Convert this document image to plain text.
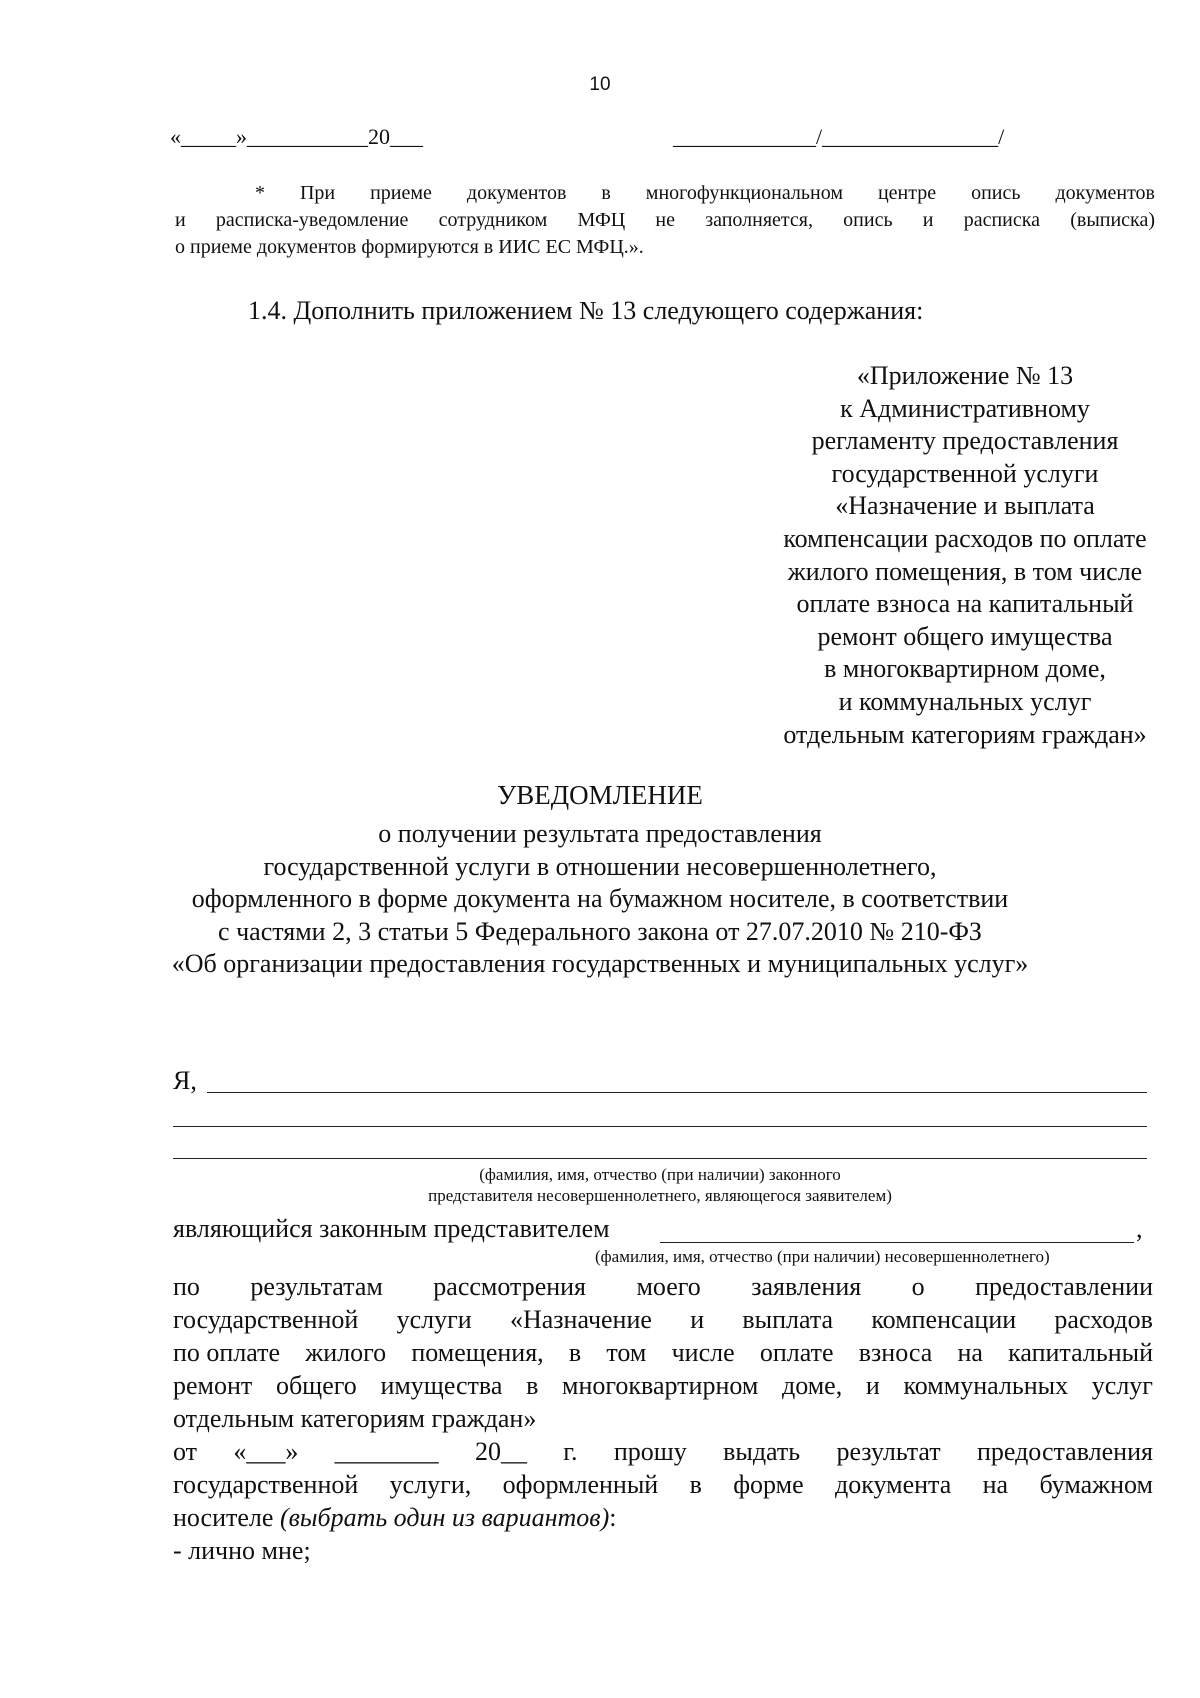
10
«_____»___________20___	_____________/________________/

* При приеме документов в многофункциональном центре опись документов

и расписка-уведомление сотрудником МФЦ не заполняется, опись и расписка (выписка)

о приеме документов формируются в ИИС ЕС МФЦ.».

1.4. Дополнить приложением № 13 следующего содержания:
«Приложение № 13
к Административному
регламенту предоставления
государственной услуги
«Назначение и выплата
компенсации расходов по оплате
жилого помещения, в том числе
оплате взноса на капитальный
ремонт общего имущества
в многоквартирном доме,
и коммунальных услуг
отдельным категориям граждан»
УВЕДОМЛЕНИЕ
о получении результата предоставления
государственной услуги в отношении несовершеннолетнего,
оформленного в форме документа на бумажном носителе, в соответствии
с частями 2, 3 статьи 5 Федерального закона от 27.07.2010 № 210-ФЗ
«Об организации предоставления государственных и муниципальных услуг»
Я,
(фамилия, имя, отчество (при наличии) законного
представителя несовершеннолетнего, являющегося заявителем)
являющийся законным представителем	,
(фамилия, имя, отчество (при наличии) несовершеннолетнего)
по результатам рассмотрения моего заявления о предоставлении
государственной услуги «Назначение и выплата компенсации расходов
по оплате жилого помещения, в том числе оплате взноса на капитальный
ремонт общего имущества в многоквартирном доме, и коммунальных услуг
отдельным категориям граждан»
от «___» ________ 20__ г. прошу выдать результат предоставления
государственной услуги, оформленный в форме документа на бумажном
носителе (выбрать один из вариантов):
- лично мне;
